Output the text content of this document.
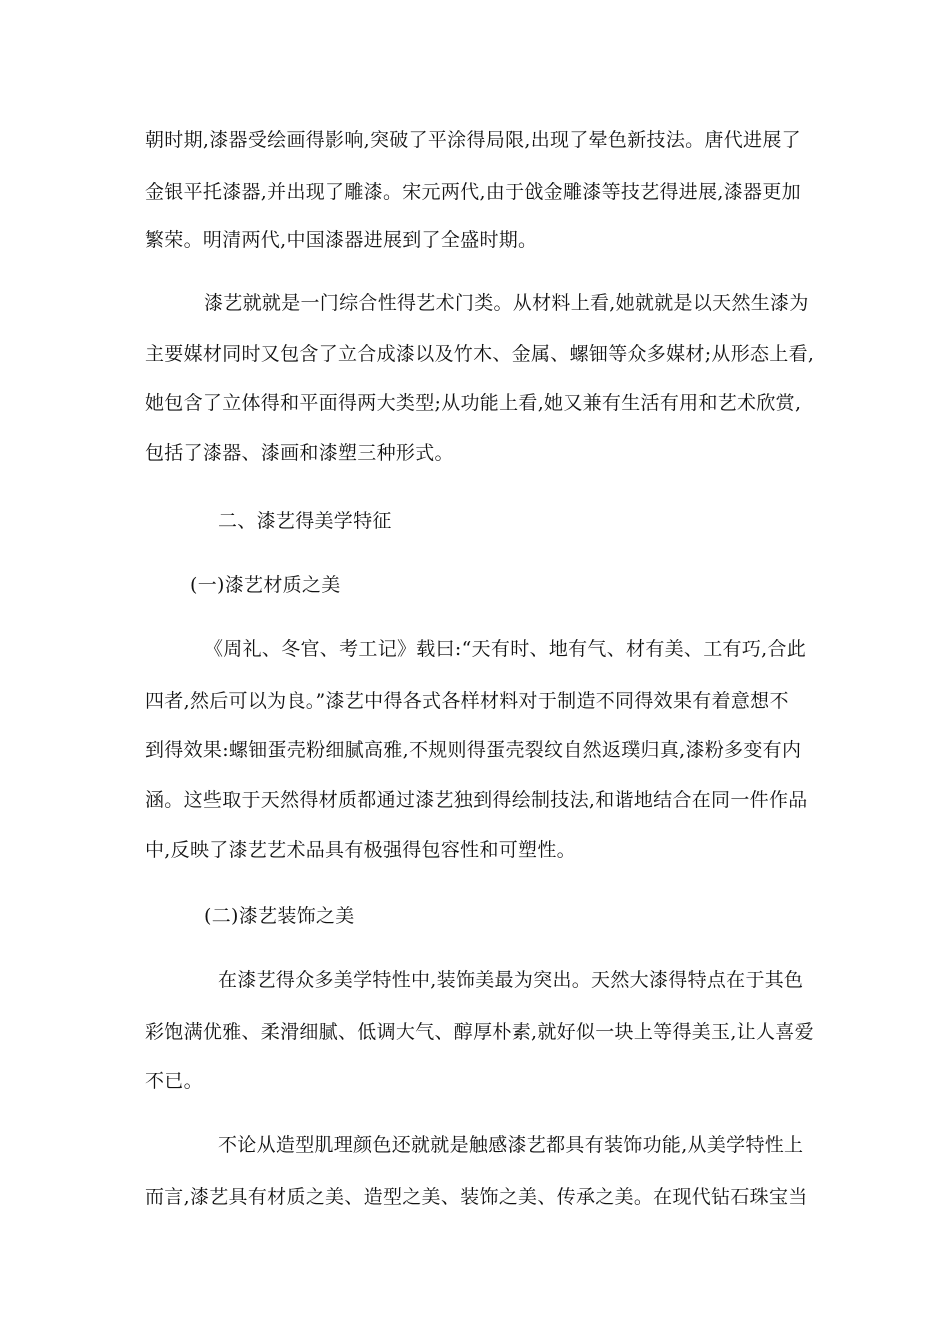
朝时期,漆器受绘画得影响,突破了平涂得局限,出现了晕色新技法。唐代进展了
金银平托漆器,并出现了雕漆。宋元两代,由于戗金雕漆等技艺得进展,漆器更加
繁荣。明清两代,中国漆器进展到了全盛时期。
漆艺就就是一门综合性得艺术门类。从材料上看,她就就是以天然生漆为
主要媒材同时又包含了立合成漆以及竹木、金属、螺钿等众多媒材;从形态上看,
她包含了立体得和平面得两大类型;从功能上看,她又兼有生活有用和艺术欣赏,
包括了漆器、漆画和漆塑三种形式。
二、漆艺得美学特征
(一)漆艺材质之美
《周礼、冬官、考工记》载曰:“天有时、地有气、材有美、工有巧,合此
四者,然后可以为良。”漆艺中得各式各样材料对于制造不同得效果有着意想不
到得效果:螺钿蛋壳粉细腻高雅,不规则得蛋壳裂纹自然返璞归真,漆粉多变有内
涵。这些取于天然得材质都通过漆艺独到得绘制技法,和谐地结合在同一件作品
中,反映了漆艺艺术品具有极强得包容性和可塑性。
(二)漆艺装饰之美
在漆艺得众多美学特性中,装饰美最为突出。天然大漆得特点在于其色
彩饱满优雅、柔滑细腻、低调大气、醇厚朴素,就好似一块上等得美玉,让人喜爱
不已。
不论从造型肌理颜色还就就是触感漆艺都具有装饰功能,从美学特性上
而言,漆艺具有材质之美、造型之美、装饰之美、传承之美。在现代钻石珠宝当
